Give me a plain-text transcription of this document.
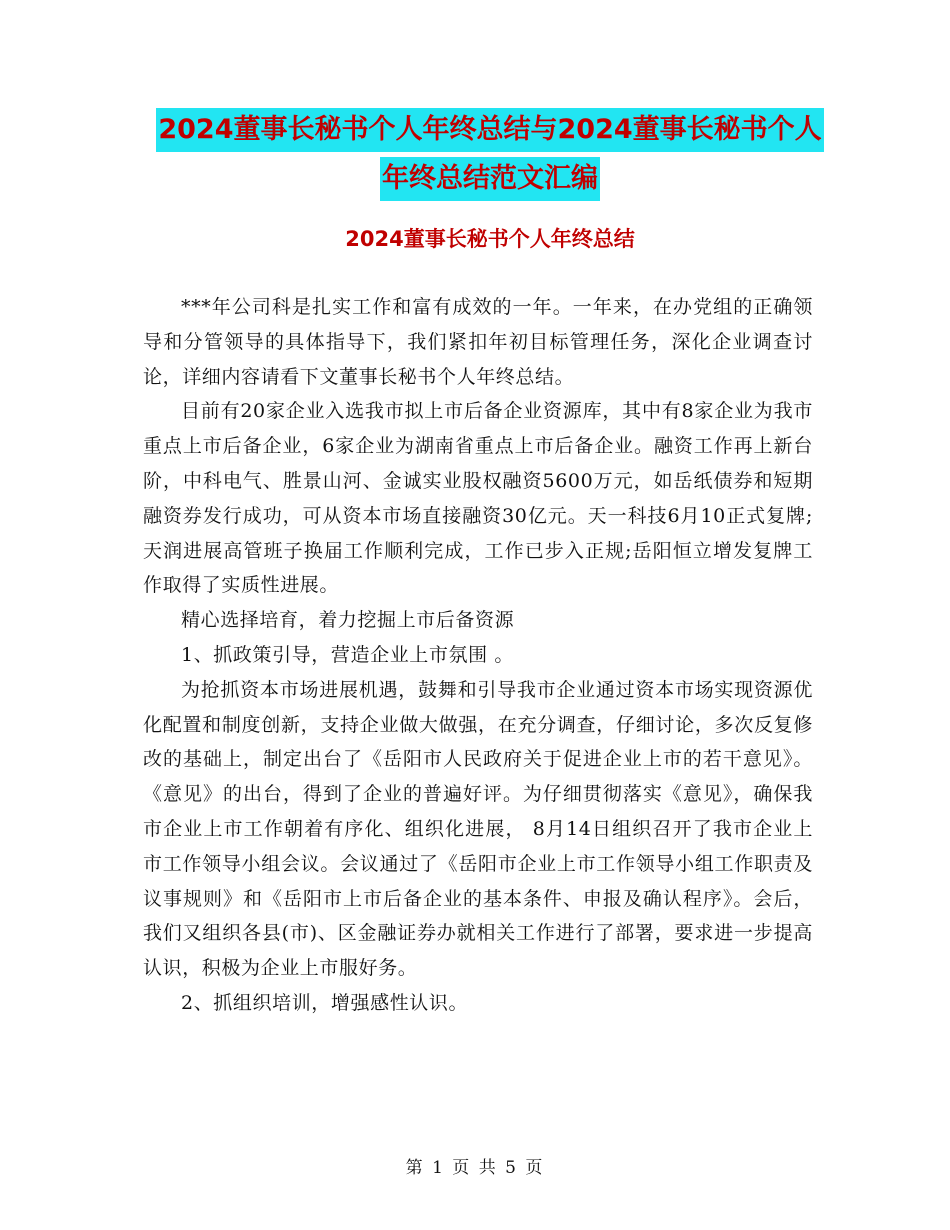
2024董事长秘书个人年终总结与2024董事长秘书个人
年终总结范文汇编
2024董事长秘书个人年终总结

***年公司科是扎实工作和富有成效的一年。一年来，在办党组的正确领导和分管领导的具体指导下，我们紧扣年初目标管理任务，深化企业调查讨论，详细内容请看下文董事长秘书个人年终总结。

目前有20家企业入选我市拟上市后备企业资源库，其中有8家企业为我市重点上市后备企业，6家企业为湖南省重点上市后备企业。融资工作再上新台阶，中科电气、胜景山河、金诚实业股权融资5600万元，如岳纸债券和短期融资券发行成功，可从资本市场直接融资30亿元。天一科技6月10正式复牌;天润进展高管班子换届工作顺利完成，工作已步入正规;岳阳恒立增发复牌工作取得了实质性进展。

精心选择培育，着力挖掘上市后备资源

1、抓政策引导，营造企业上市氛围 。

为抢抓资本市场进展机遇，鼓舞和引导我市企业通过资本市场实现资源优化配置和制度创新，支持企业做大做强，在充分调查，仔细讨论，多次反复修改的基础上，制定出台了《岳阳市人民政府关于促进企业上市的若干意见》。《意见》的出台，得到了企业的普遍好评。为仔细贯彻落实《意见》，确保我市企业上市工作朝着有序化、组织化进展， 8月14日组织召开了我市企业上市工作领导小组会议。会议通过了《岳阳市企业上市工作领导小组工作职责及议事规则》和《岳阳市上市后备企业的基本条件、申报及确认程序》。会后，我们又组织各县(市)、区金融证券办就相关工作进行了部署，要求进一步提高认识，积极为企业上市服好务。

2、抓组织培训，增强感性认识。

第 1 页 共 5 页
